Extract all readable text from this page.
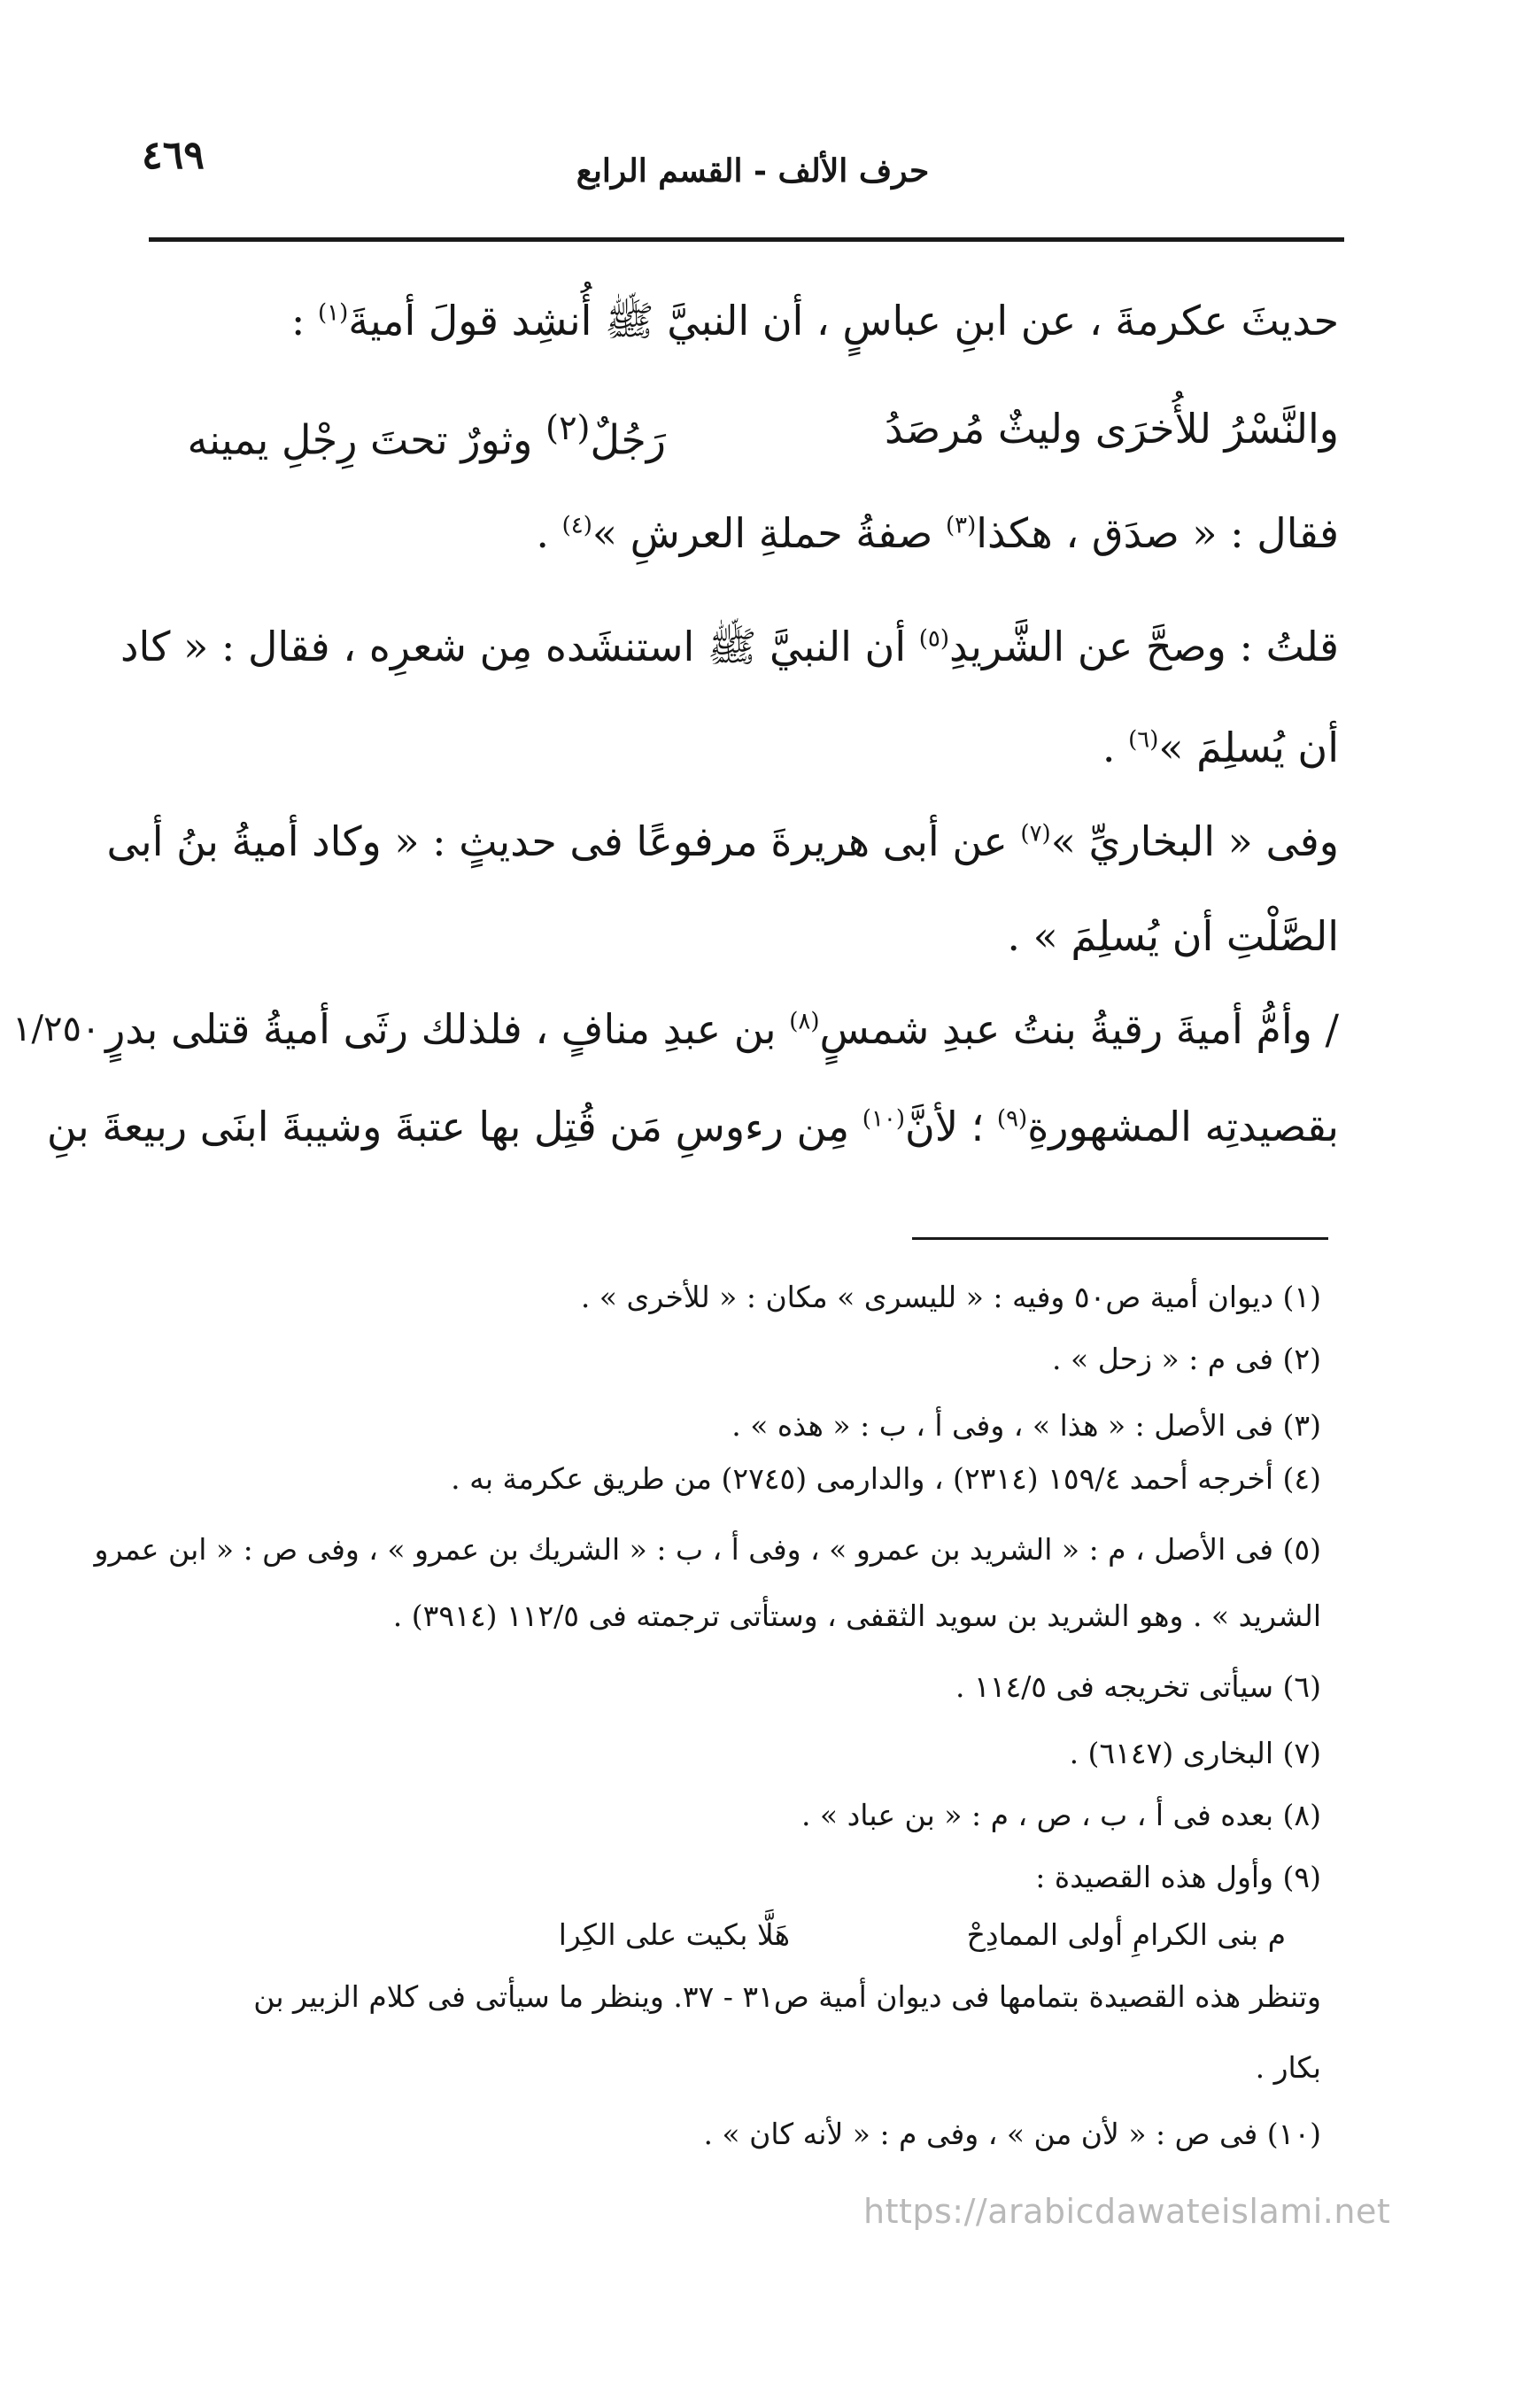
حرف الألف - القسم الرابع
٤٦٩
حديثَ عكرمةَ ، عن ابنِ عباسٍ ، أن النبيَّ ﷺ أُنشِد قولَ أميةَ$^{(١)}$ :
والنَّسْرُ للأُخرَى وليثٌ مُرصَدُ
رَجُلٌ$^{(٢)}$ وثورٌ تحتَ رِجْلِ يمينه
فقال : « صدَق ، هكذا$^{(٣)}$ صفةُ حملةِ العرشِ »$^{(٤)}$ .
قلتُ : وصحَّ عن الشَّريدِ$^{(٥)}$ أن النبيَّ ﷺ استنشَده مِن شعرِه ، فقال : « كاد
أن يُسلِمَ »$^{(٦)}$ .
وفى « البخاريِّ »$^{(٧)}$ عن أبى هريرةَ مرفوعًا فى حديثٍ : « وكاد أميةُ بنُ أبى
الصَّلْتِ أن يُسلِمَ » .
/ وأمُّ أميةَ رقيةُ بنتُ عبدِ شمسٍ$^{(٨)}$ بن عبدِ منافٍ ، فلذلك رثَى أميةُ قتلى بدرٍ
١/٢٥٠
بقصيدتِه المشهورةِ$^{(٩)}$ ؛ لأنَّ$^{(١٠)}$ مِن رءوسِ مَن قُتِل بها عتبةَ وشيبةَ ابنَى ربيعةَ بنِ
(١) ديوان أمية ص٥٠ وفيه : « لليسرى » مكان : « للأخرى » .
(٢) فى م : « زحل » .
(٣) فى الأصل : « هذا » ، وفى أ ، ب : « هذه » .
(٤) أخرجه أحمد ١٥٩/٤ (٢٣١٤) ، والدارمى (٢٧٤٥) من طريق عكرمة به .
(٥) فى الأصل ، م : « الشريد بن عمرو » ، وفى أ ، ب : « الشريك بن عمرو » ، وفى ص : « ابن عمرو
الشريد » . وهو الشريد بن سويد الثقفى ، وستأتى ترجمته فى ١١٢/٥ (٣٩١٤) .
(٦) سيأتى تخريجه فى ١١٤/٥ .
(٧) البخارى (٦١٤٧) .
(٨) بعده فى أ ، ب ، ص ، م : « بن عباد » .
(٩) وأول هذه القصيدة :
م بنى الكرامِ أولى الممادِحْ
هَلَّا بكيت على الكِرا
وتنظر هذه القصيدة بتمامها فى ديوان أمية ص٣١ - ٣٧. وينظر ما سيأتى فى كلام الزبير بن
بكار .
(١٠) فى ص : « لأن من » ، وفى م : « لأنه كان » .
https://arabicdawateislami.net
